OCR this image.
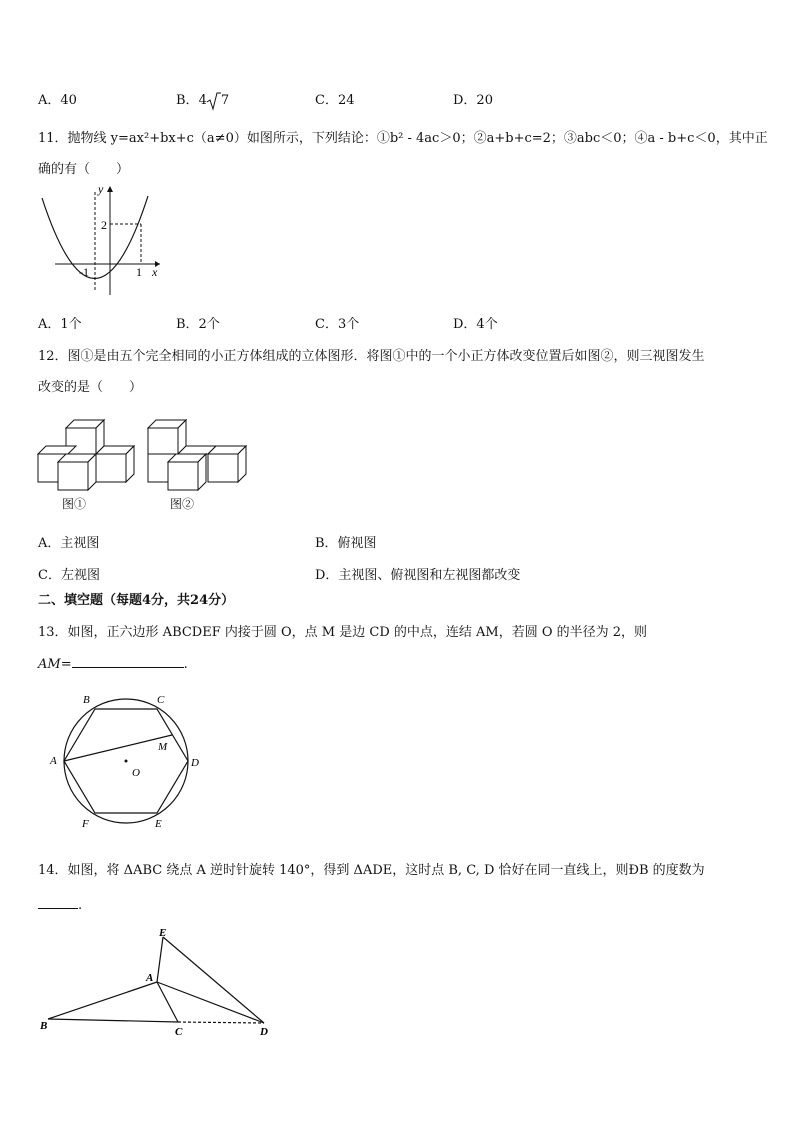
A．40	B．4 7	C．24	D．20
11．抛物线 y=ax²+bx+c（a≠0）如图所示，下列结论：①b² - 4ac＞0；②a+b+c=2；③abc＜0；④a - b+c＜0，其中正
确的有（　　）
y
x
2
-1	1
A．1个	B．2个	C．3个	D．4个
12．图①是由五个完全相同的小正方体组成的立体图形．将图①中的一个小正方体改变位置后如图②，则三视图发生
改变的是（　　）
图①	图②
A．主视图	B．俯视图
C．左视图	D．主视图、俯视图和左视图都改变
二、填空题（每题4分，共24分）
13．如图，正六边形 ABCDEF 内接于圆 O，点 M 是边 CD 的中点，连结 AM，若圆 O 的半径为 2，则
AM=	.
A
B	C
D
E
F
M
O
14．如图，将 ΔABC 绕点 A 逆时针旋转 140°，得到 ΔADE，这时点 B, C, D 恰好在同一直线上，则ÐB 的度数为
.
B
A
C	D
E
